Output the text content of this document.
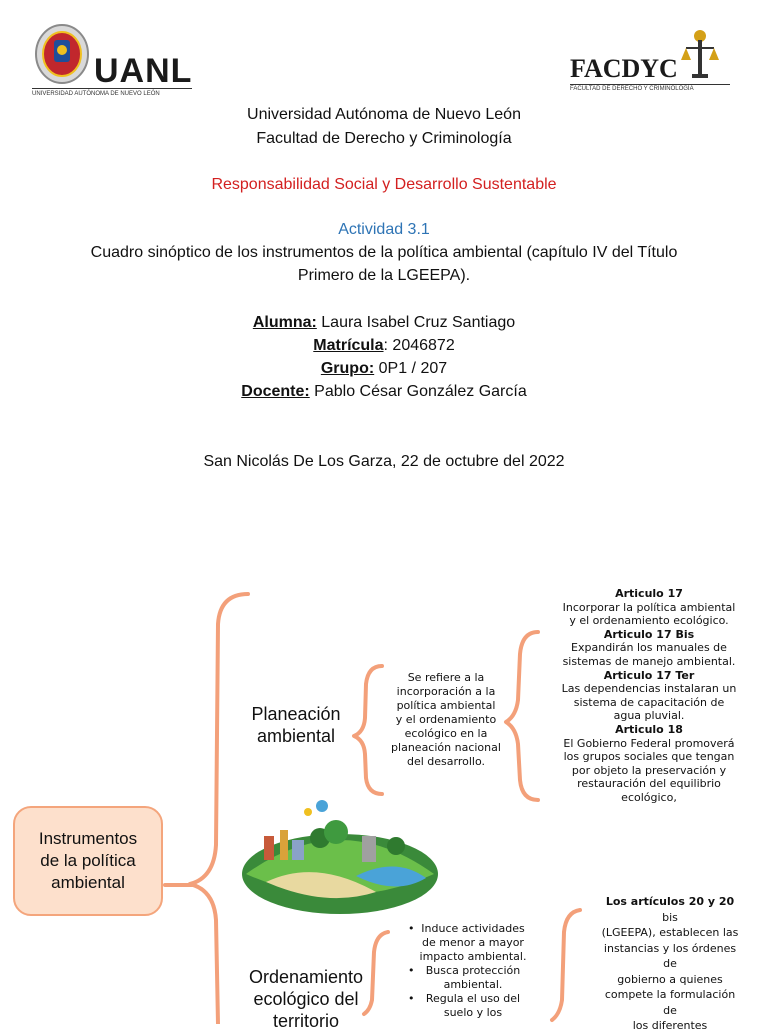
UANL
UNIVERSIDAD AUTÓNOMA DE NUEVO LEÓN
FACDYC
FACULTAD DE DERECHO Y CRIMINOLOGÍA
Universidad Autónoma de Nuevo León
Facultad de Derecho y Criminología
Responsabilidad Social y Desarrollo Sustentable
Actividad 3.1
Cuadro sinóptico de los instrumentos de la política ambiental (capítulo IV del Título
Primero de la LGEEPA).
Alumna: Laura Isabel Cruz Santiago
Matrícula: 2046872
Grupo: 0P1 / 207
Docente: Pablo César González García
San Nicolás De Los Garza, 22 de octubre del 2022
Instrumentos de la política ambiental
Planeación
ambiental
Se refiere a la
incorporación a la
política ambiental
y el ordenamiento
ecológico en la
planeación nacional
del desarrollo.
Articulo 17
Incorporar la política ambiental
y el ordenamiento ecológico.
Articulo 17 Bis
Expandirán los manuales de
sistemas de manejo ambiental.
Articulo 17 Ter
Las dependencias instalaran un
sistema de capacitación de
agua pluvial.
Articulo 18
El Gobierno Federal promoverá
los grupos sociales que tengan
por objeto la preservación y
restauración del equilibrio
ecológico,
Ordenamiento
ecológico del
territorio
• Induce actividades
de menor a mayor
impacto ambiental.
•	Busca protección
ambiental.
•	Regula el uso del
suelo y los
Los artículos 20 y 20
bis
(LGEEPA), establecen las
instancias y los órdenes
de
gobierno a quienes
compete la formulación
de
los diferentes
